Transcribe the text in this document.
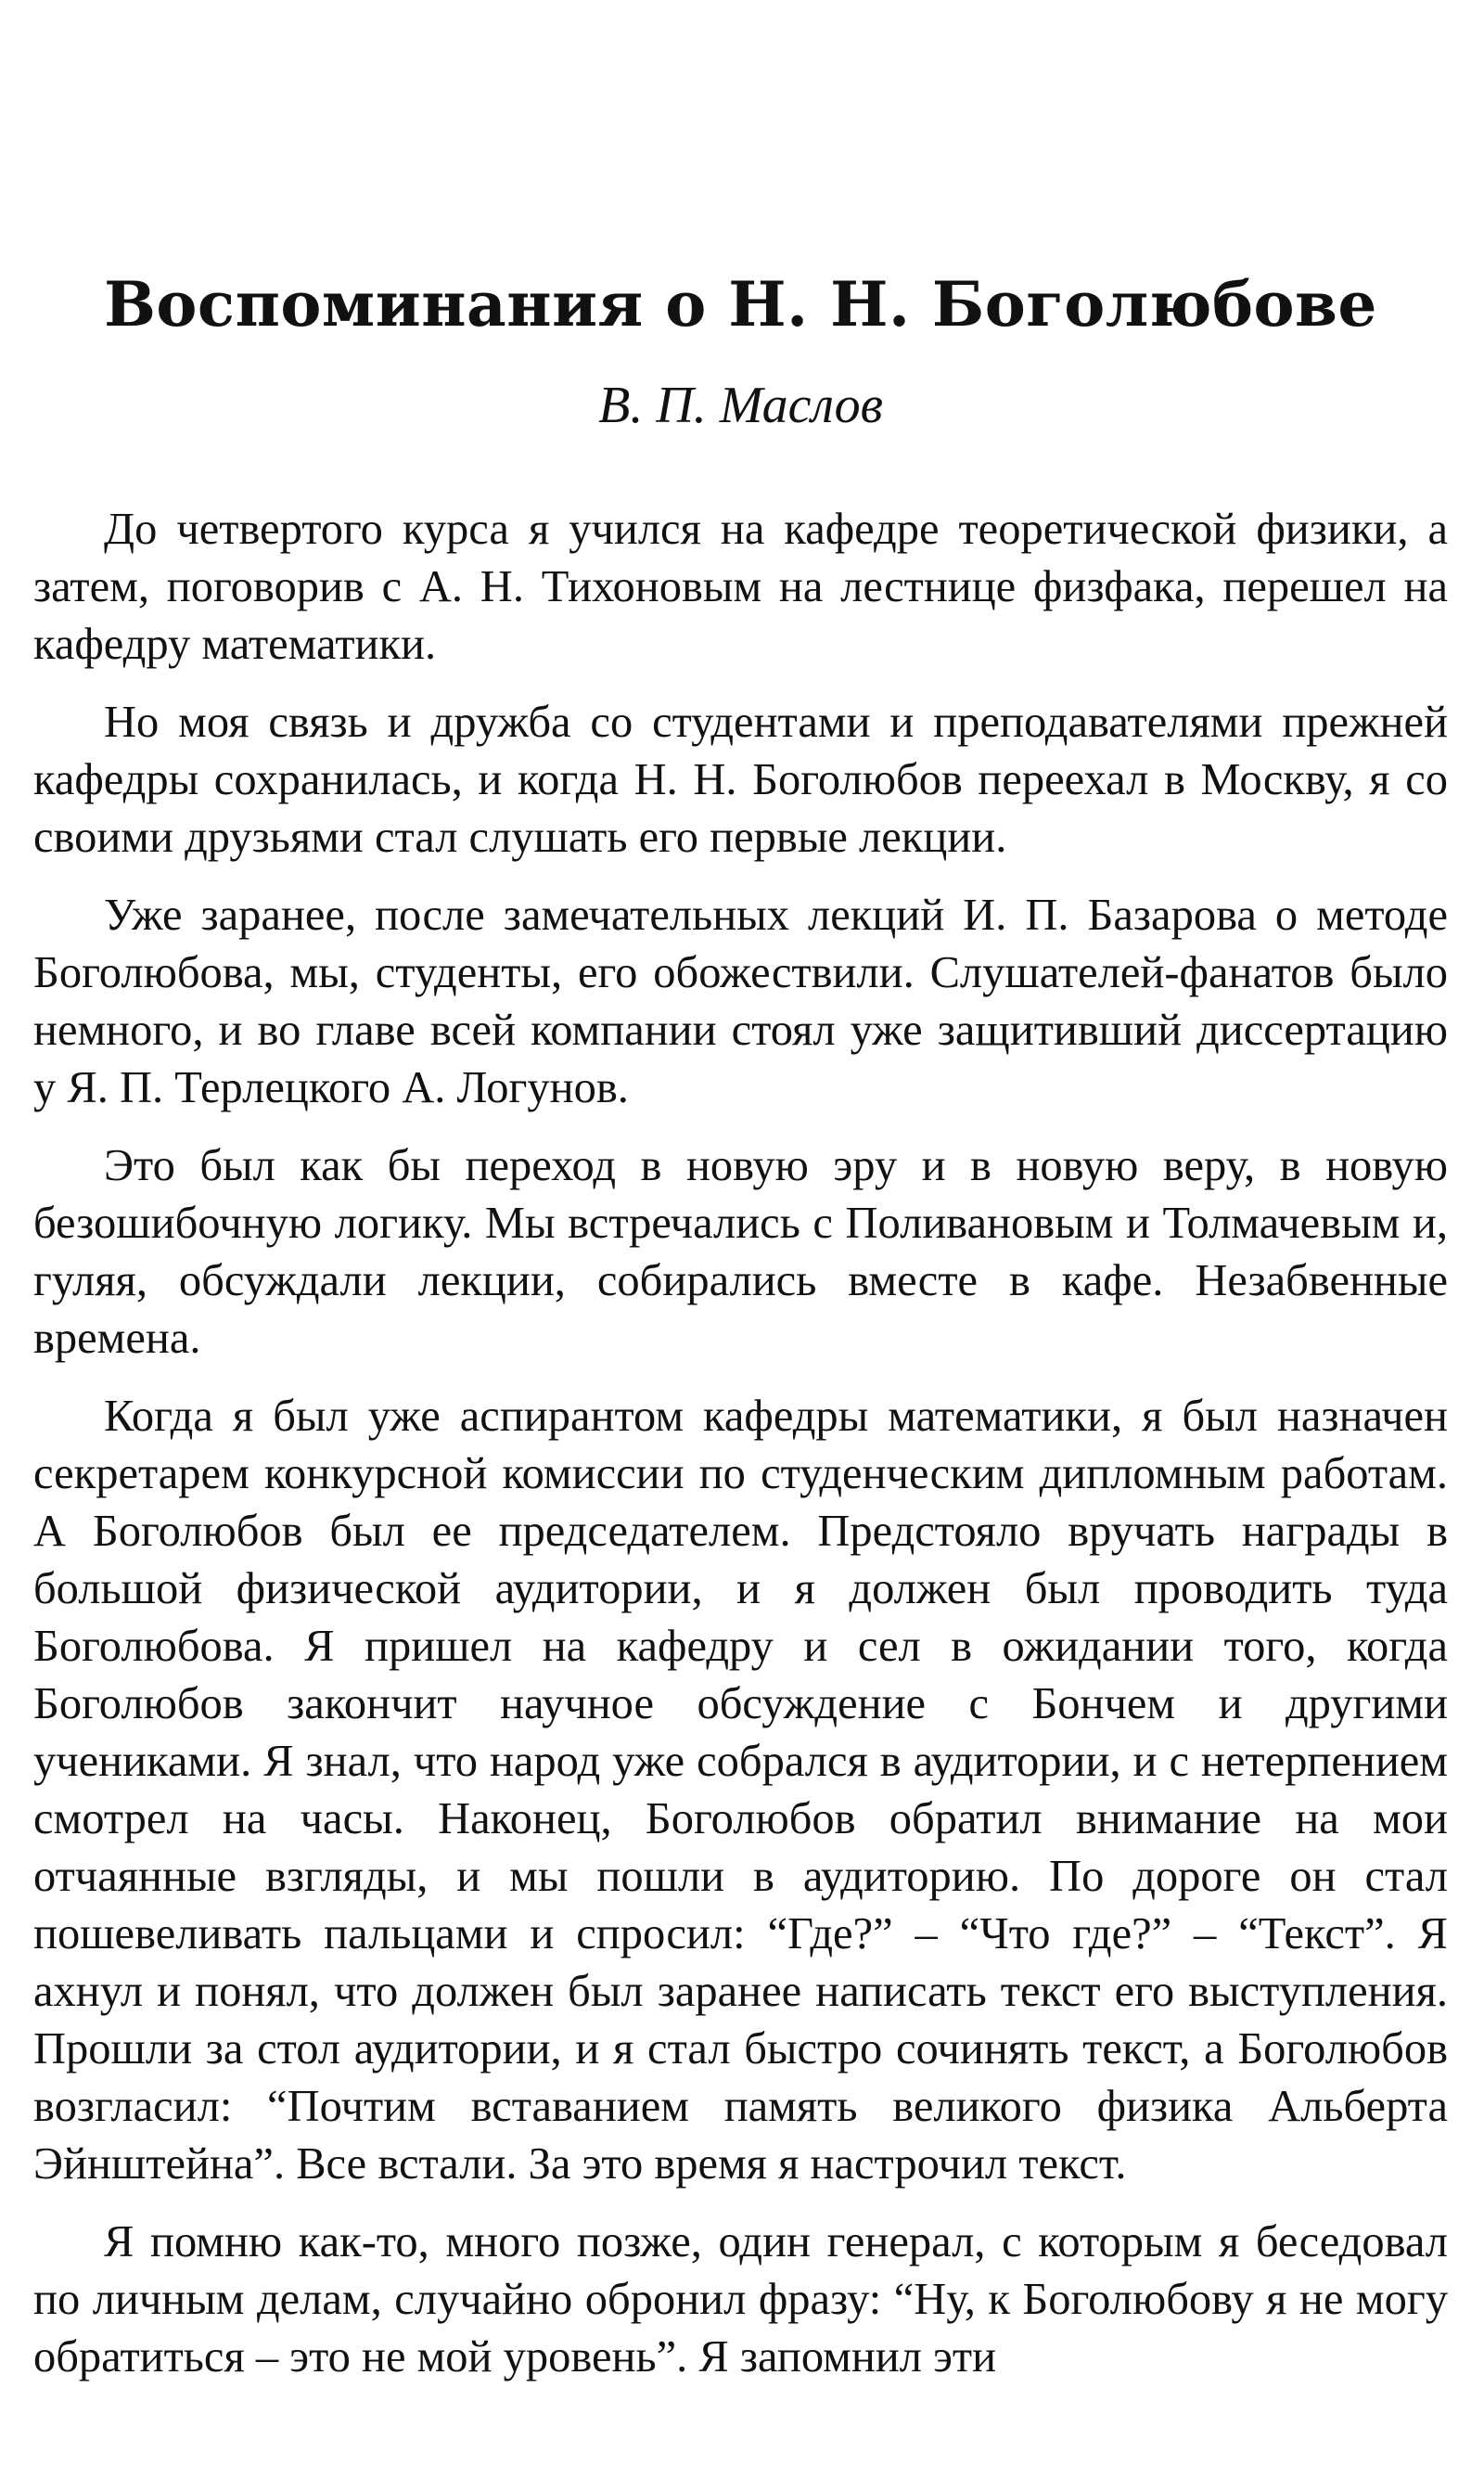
Воспоминания о Н. Н. Боголюбове
В. П. Маслов

До четвертого курса я учился на кафедре теоретической физики, а затем, поговорив с А. Н. Тихоновым на лестнице физфака, перешел на кафедру математики.

Но моя связь и дружба со студентами и преподавателями прежней кафедры сохранилась, и когда Н. Н. Боголюбов переехал в Москву, я со своими друзьями стал слушать его первые лекции.

Уже заранее, после замечательных лекций И. П. Базарова о методе Боголюбова, мы, студенты, его обожествили. Слушателей-фанатов было немного, и во главе всей компании стоял уже защитивший диссертацию у Я. П. Терлецкого А. Логунов.

Это был как бы переход в новую эру и в новую веру, в новую безошибочную логику. Мы встречались с Поливановым и Толмачевым и, гуляя, обсуждали лекции, собирались вместе в кафе. Незабвенные времена.

Когда я был уже аспирантом кафедры математики, я был назначен секретарем конкурсной комиссии по студенческим дипломным работам. А Боголюбов был ее председателем. Предстояло вручать награды в большой физической аудитории, и я должен был проводить туда Боголюбова. Я пришел на кафедру и сел в ожидании того, когда Боголюбов закончит научное обсуждение с Бончем и другими учениками. Я знал, что народ уже собрался в аудитории, и с нетерпением смотрел на часы. Наконец, Боголюбов обратил внимание на мои отчаянные взгляды, и мы пошли в аудиторию. По дороге он стал пошевеливать пальцами и спросил: “Где?” – “Что где?” – “Текст”. Я ахнул и понял, что должен был заранее написать текст его выступления. Прошли за стол аудитории, и я стал быстро сочинять текст, а Боголюбов возгласил: “Почтим вставанием память великого физика Альберта Эйнштейна”. Все встали. За это время я настрочил текст.

Я помню как-то, много позже, один генерал, с которым я беседовал по личным делам, случайно обронил фразу: “Ну, к Боголюбову я не могу обратиться – это не мой уровень”. Я запомнил эти
